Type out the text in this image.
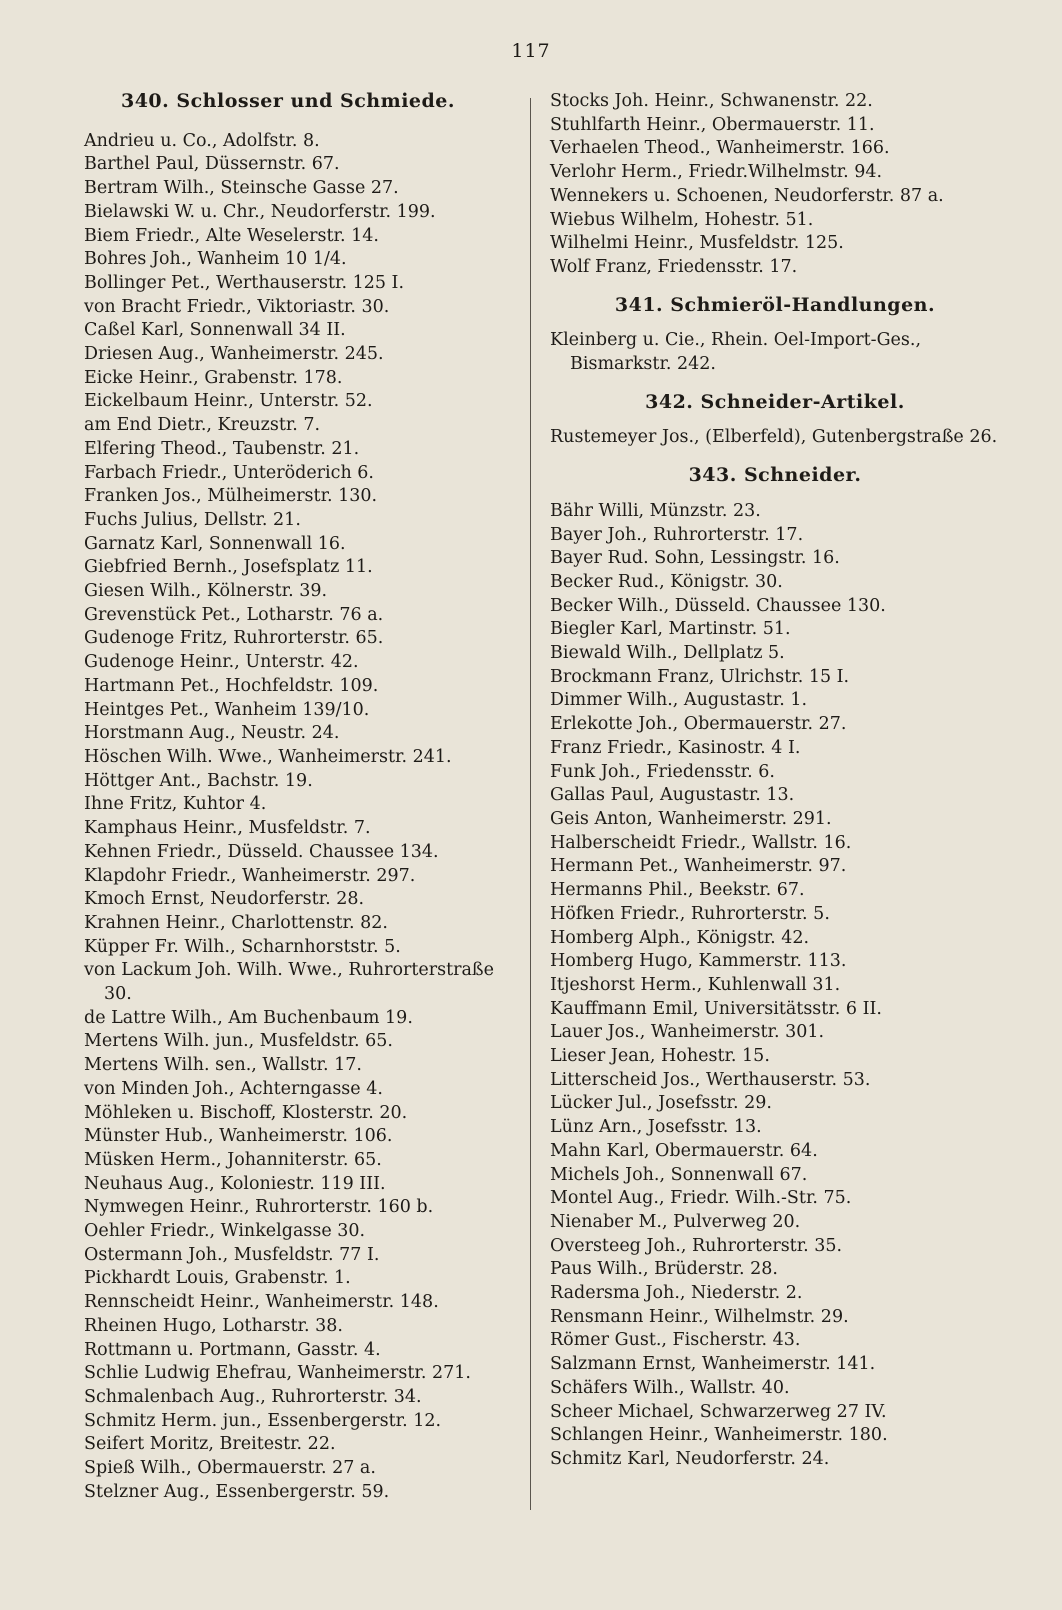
117
340. Schlosser und Schmiede.
Andrieu u. Co., Adolfstr. 8.
Barthel Paul, Düssernstr. 67.
Bertram Wilh., Steinsche Gasse 27.
Bielawski W. u. Chr., Neudorferstr. 199.
Biem Friedr., Alte Weselerstr. 14.
Bohres Joh., Wanheim 10 1/4.
Bollinger Pet., Werthauserstr. 125 I.
von Bracht Friedr., Viktoriastr. 30.
Caßel Karl, Sonnenwall 34 II.
Driesen Aug., Wanheimerstr. 245.
Eicke Heinr., Grabenstr. 178.
Eickelbaum Heinr., Unterstr. 52.
am End Dietr., Kreuzstr. 7.
Elfering Theod., Taubenstr. 21.
Farbach Friedr., Unteröderich 6.
Franken Jos., Mülheimerstr. 130.
Fuchs Julius, Dellstr. 21.
Garnatz Karl, Sonnenwall 16.
Giebfried Bernh., Josefsplatz 11.
Giesen Wilh., Kölnerstr. 39.
Grevenstück Pet., Lotharstr. 76 a.
Gudenoge Fritz, Ruhrorterstr. 65.
Gudenoge Heinr., Unterstr. 42.
Hartmann Pet., Hochfeldstr. 109.
Heintges Pet., Wanheim 139/10.
Horstmann Aug., Neustr. 24.
Höschen Wilh. Wwe., Wanheimerstr. 241.
Höttger Ant., Bachstr. 19.
Ihne Fritz, Kuhtor 4.
Kamphaus Heinr., Musfeldstr. 7.
Kehnen Friedr., Düsseld. Chaussee 134.
Klapdohr Friedr., Wanheimerstr. 297.
Kmoch Ernst, Neudorferstr. 28.
Krahnen Heinr., Charlottenstr. 82.
Küpper Fr. Wilh., Scharnhorststr. 5.
von Lackum Joh. Wilh. Wwe., Ruhrorterstraße 30.
de Lattre Wilh., Am Buchenbaum 19.
Mertens Wilh. jun., Musfeldstr. 65.
Mertens Wilh. sen., Wallstr. 17.
von Minden Joh., Achterngasse 4.
Möhleken u. Bischoff, Klosterstr. 20.
Münster Hub., Wanheimerstr. 106.
Müsken Herm., Johanniterstr. 65.
Neuhaus Aug., Koloniestr. 119 III.
Nymwegen Heinr., Ruhrorterstr. 160 b.
Oehler Friedr., Winkelgasse 30.
Ostermann Joh., Musfeldstr. 77 I.
Pickhardt Louis, Grabenstr. 1.
Rennscheidt Heinr., Wanheimerstr. 148.
Rheinen Hugo, Lotharstr. 38.
Rottmann u. Portmann, Gasstr. 4.
Schlie Ludwig Ehefrau, Wanheimerstr. 271.
Schmalenbach Aug., Ruhrorterstr. 34.
Schmitz Herm. jun., Essenbergerstr. 12.
Seifert Moritz, Breitestr. 22.
Spieß Wilh., Obermauerstr. 27 a.
Stelzner Aug., Essenbergerstr. 59.
Stocks Joh. Heinr., Schwanenstr. 22.
Stuhlfarth Heinr., Obermauerstr. 11.
Verhaelen Theod., Wanheimerstr. 166.
Verlohr Herm., Friedr.Wilhelmstr. 94.
Wennekers u. Schoenen, Neudorferstr. 87 a.
Wiebus Wilhelm, Hohestr. 51.
Wilhelmi Heinr., Musfeldstr. 125.
Wolf Franz, Friedensstr. 17.
341. Schmieröl-Handlungen.
Kleinberg u. Cie., Rhein. Oel-Import-Ges., Bismarkstr. 242.
342. Schneider-Artikel.
Rustemeyer Jos., (Elberfeld), Gutenbergstraße 26.
343. Schneider.
Bähr Willi, Münzstr. 23.
Bayer Joh., Ruhrorterstr. 17.
Bayer Rud. Sohn, Lessingstr. 16.
Becker Rud., Königstr. 30.
Becker Wilh., Düsseld. Chaussee 130.
Biegler Karl, Martinstr. 51.
Biewald Wilh., Dellplatz 5.
Brockmann Franz, Ulrichstr. 15 I.
Dimmer Wilh., Augustastr. 1.
Erlekotte Joh., Obermauerstr. 27.
Franz Friedr., Kasinostr. 4 I.
Funk Joh., Friedensstr. 6.
Gallas Paul, Augustastr. 13.
Geis Anton, Wanheimerstr. 291.
Halberscheidt Friedr., Wallstr. 16.
Hermann Pet., Wanheimerstr. 97.
Hermanns Phil., Beekstr. 67.
Höfken Friedr., Ruhrorterstr. 5.
Homberg Alph., Königstr. 42.
Homberg Hugo, Kammerstr. 113.
Itjeshorst Herm., Kuhlenwall 31.
Kauffmann Emil, Universitätsstr. 6 II.
Lauer Jos., Wanheimerstr. 301.
Lieser Jean, Hohestr. 15.
Litterscheid Jos., Werthauserstr. 53.
Lücker Jul., Josefsstr. 29.
Lünz Arn., Josefsstr. 13.
Mahn Karl, Obermauerstr. 64.
Michels Joh., Sonnenwall 67.
Montel Aug., Friedr. Wilh.-Str. 75.
Nienaber M., Pulverweg 20.
Oversteeg Joh., Ruhrorterstr. 35.
Paus Wilh., Brüderstr. 28.
Radersma Joh., Niederstr. 2.
Rensmann Heinr., Wilhelmstr. 29.
Römer Gust., Fischerstr. 43.
Salzmann Ernst, Wanheimerstr. 141.
Schäfers Wilh., Wallstr. 40.
Scheer Michael, Schwarzerweg 27 IV.
Schlangen Heinr., Wanheimerstr. 180.
Schmitz Karl, Neudorferstr. 24.
